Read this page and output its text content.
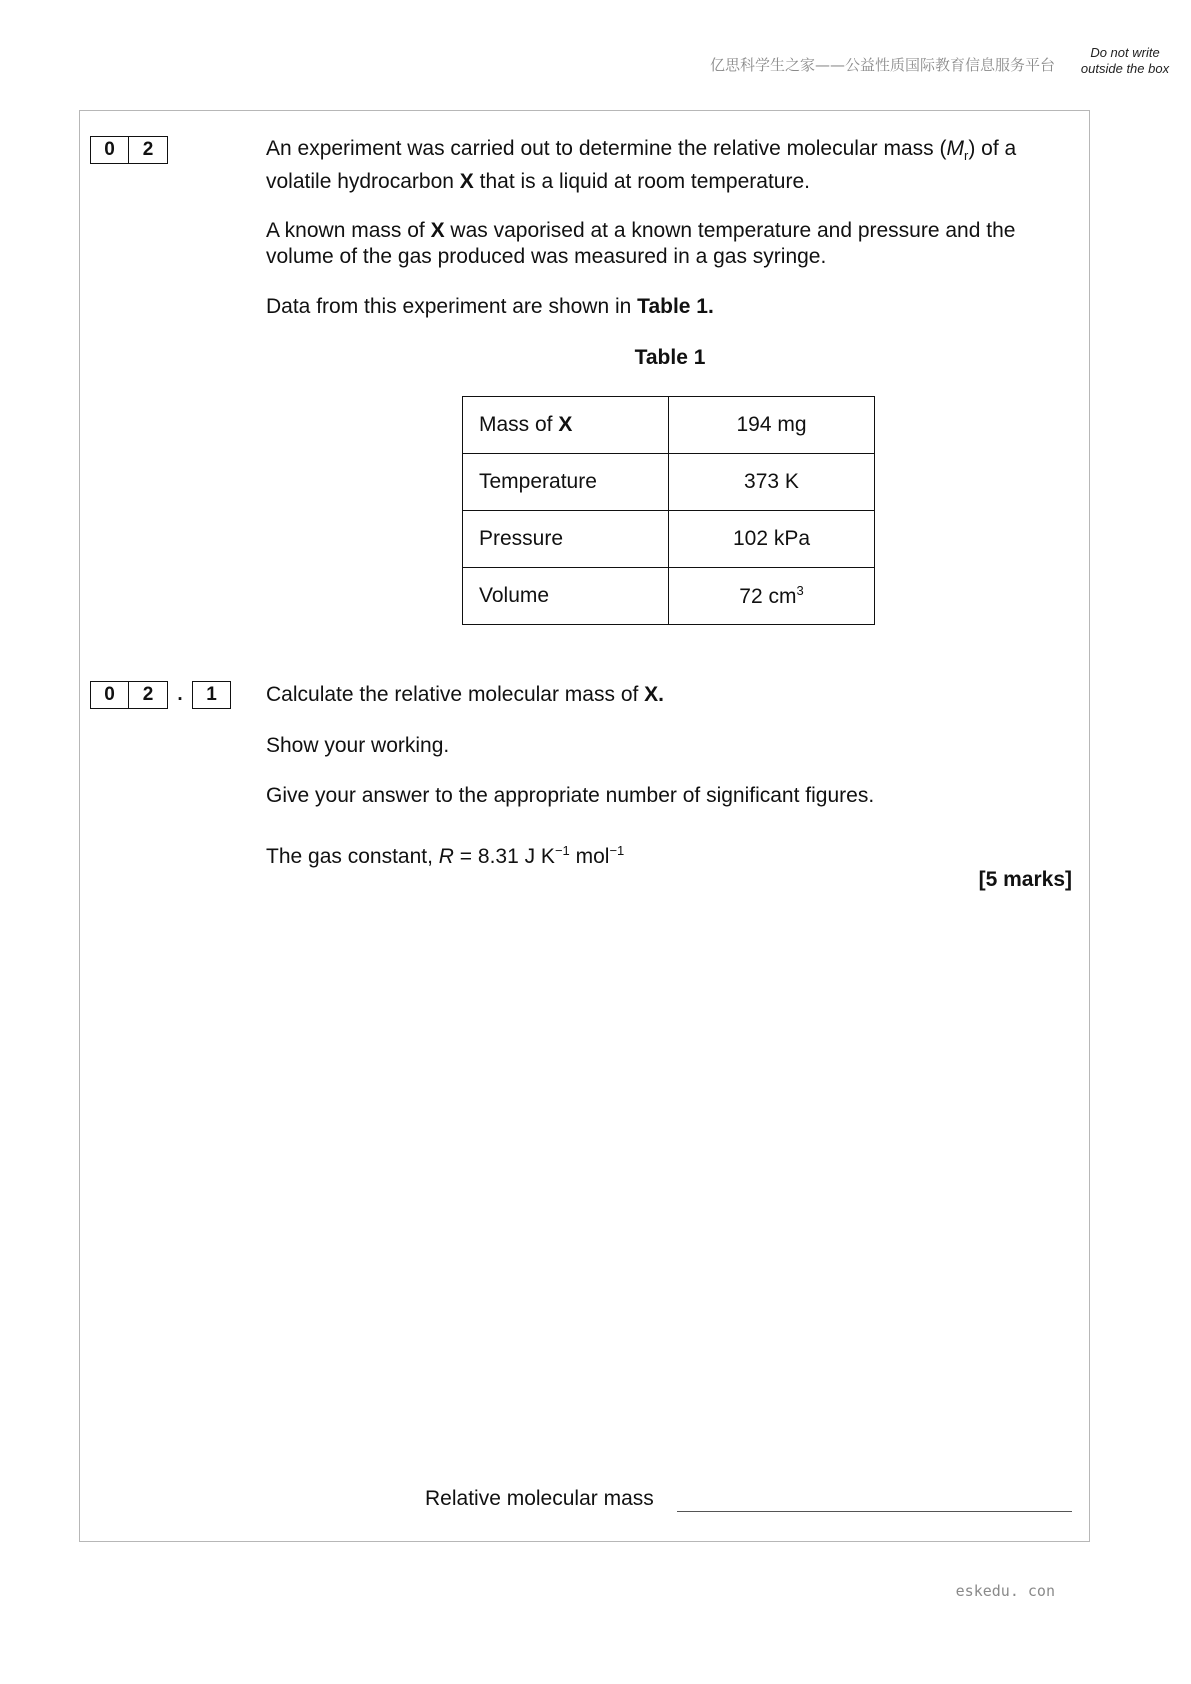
亿思科学生之家——公益性质国际教育信息服务平台
Do not write outside the box
0	2	An experiment was carried out to determine the relative molecular mass $(M_r)$ of a volatile hydrocarbon X that is a liquid at room temperature.

A known mass of X was vaporised at a known temperature and pressure and the volume of the gas produced was measured in a gas syringe.

Data from this experiment are shown in Table 1.

Table 1
Mass of X	194 mg
Temperature	373 K
Pressure	102 kPa
Volume	72 $cm^3$
0	2	.	1	Calculate the relative molecular mass of X.

Show your working.

Give your answer to the appropriate number of significant figures.

The gas constant, R = 8.31 J $K^{-1}$ mol$^{-1}$

[5 marks]
Relative molecular mass
eskedu. con
